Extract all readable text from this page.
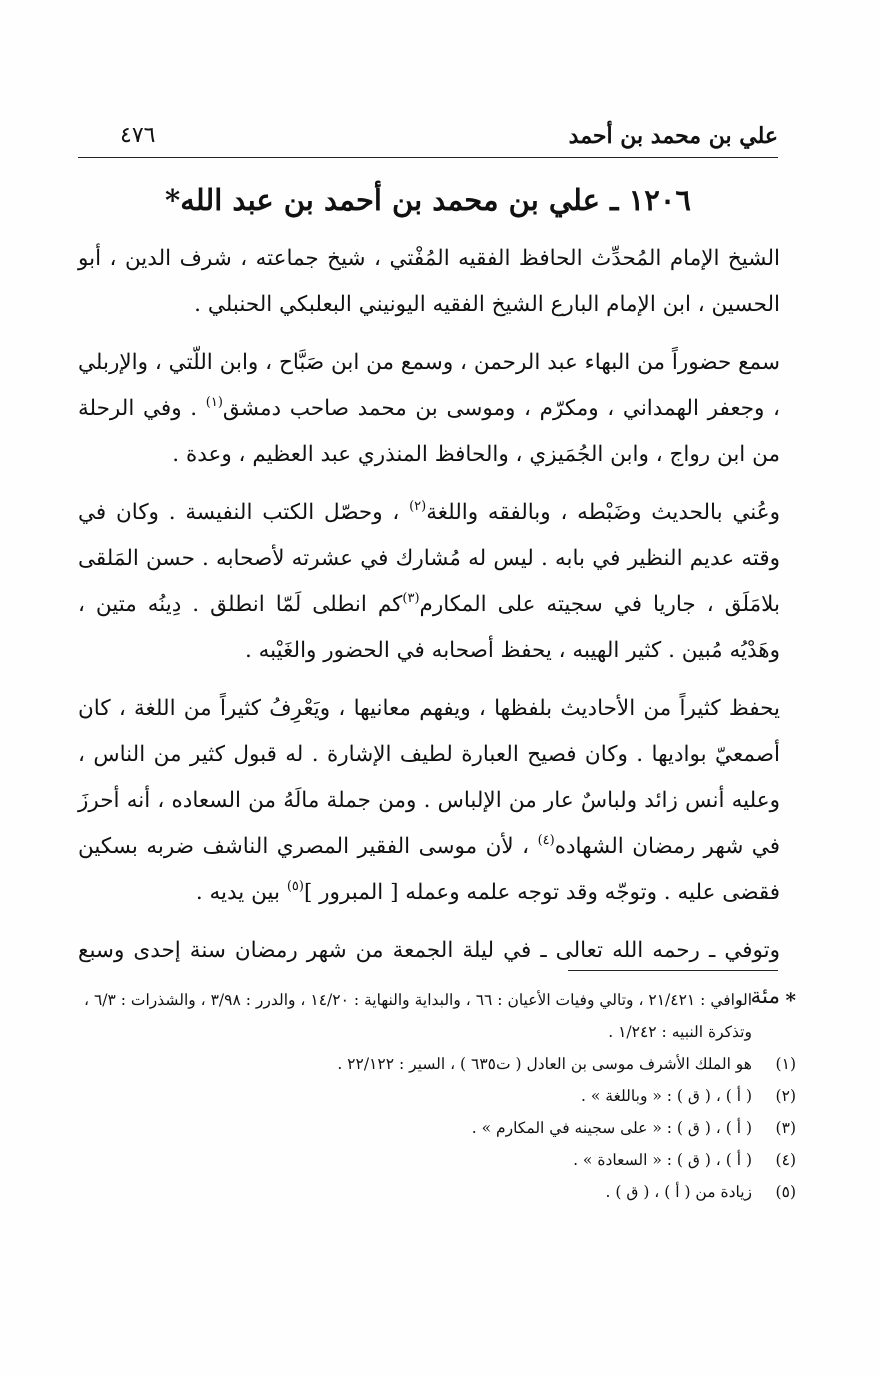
علي بن محمد بن أحمد
٤٧٦
١٢٠٦ ـ علي بن محمد بن أحمد بن عبد الله*

الشيخ الإمام المُحدِّث الحافظ الفقيه المُفْتي ، شيخ جماعته ، شرف الدين ، أبو الحسين ، ابن الإمام البارع الشيخ الفقيه اليونيني البعلبكي الحنبلي .

سمع حضوراً من البهاء عبد الرحمن ، وسمع من ابن صَبَّاح ، وابن اللّتي ، والإربلي ، وجعفر الهمداني ، ومكرّم ، وموسى بن محمد صاحب دمشق$^{(١)}$ . وفي الرحلة من ابن رواج ، وابن الجُمَيزي ، والحافظ المنذري عبد العظيم ، وعدة .

وعُني بالحديث وضَبْطه ، وبالفقه واللغة$^{(٢)}$ ، وحصّل الكتب النفيسة . وكان في وقته عديم النظير في بابه . ليس له مُشارك في عشرته لأصحابه . حسن المَلقى بلامَلَق ، جاريا في سجيته على المكارم$^{(٣)}$كم انطلى لَمّا انطلق . دِينُه متين ، وهَدْيُه مُبين . كثير الهيبه ، يحفظ أصحابه في الحضور والغَيْبه .

يحفظ كثيراً من الأحاديث بلفظها ، ويفهم معانيها ، ويَعْرِفُ كثيراً من اللغة ، كان أصمعيّ بواديها . وكان فصيح العبارة لطيف الإشارة . له قبول كثير من الناس ، وعليه أنس زائد ولباسٌ عار من الإلباس . ومن جملة مالَهُ من السعاده ، أنه أحرزَ في شهر رمضان الشهاده$^{(٤)}$ ، لأن موسى الفقير المصري الناشف ضربه بسكين فقضى عليه . وتوجّه وقد توجه علمه وعمله [ المبرور ]$^{(٥)}$ بين يديه .

وتوفي ـ رحمه الله تعالى ـ في ليلة الجمعة من شهر رمضان سنة إحدى وسبع مئة . *
الوافي : ٢١/٤٢١ ، وتالي وفيات الأعيان : ٦٦ ، والبداية والنهاية : ١٤/٢٠ ، والدرر : ٣/٩٨ ، والشذرات : ٦/٣ ، وتذكرة النبيه : ١/٢٤٢ .
(١)
هو الملك الأشرف موسى بن العادل ( ت٦٣٥ ) ، السير : ٢٢/١٢٢ .
(٢)
( أ ) ، ( ق ) : « وباللغة » .
(٣)
( أ ) ، ( ق ) : « على سجينه في المكارم » .
(٤)
( أ ) ، ( ق ) : « السعادة » .
(٥)
زيادة من ( أ ) ، ( ق ) .
